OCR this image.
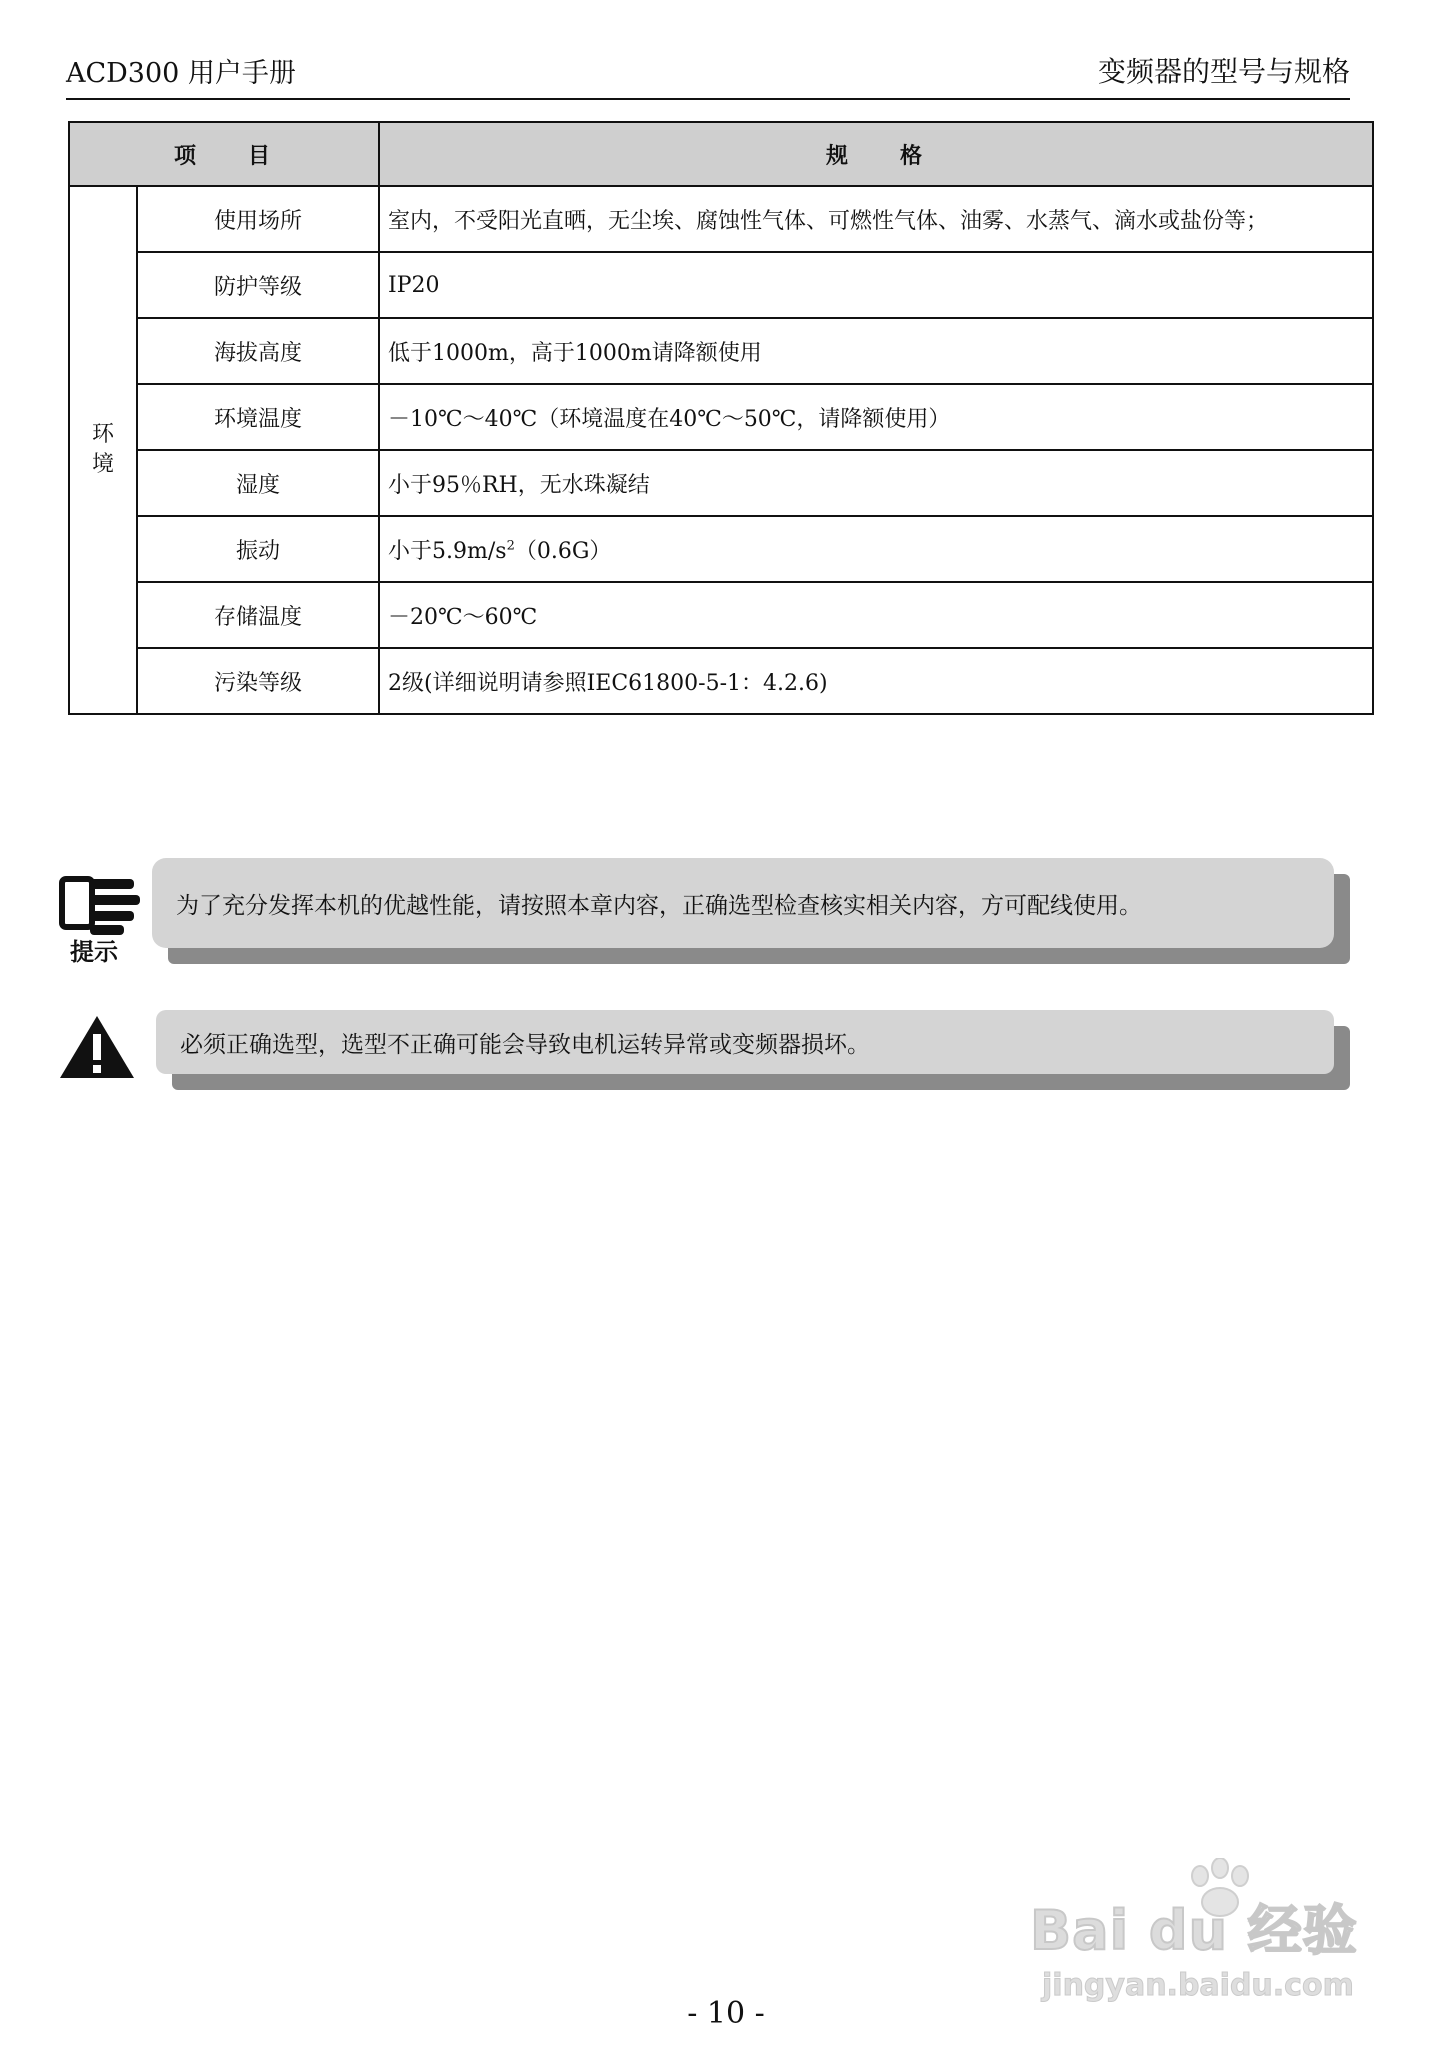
ACD300 用户手册	变频器的型号与规格
项 目		规 格
环
境	使用场所	室内，不受阳光直晒，无尘埃、腐蚀性气体、可燃性气体、油雾、水蒸气、滴水或盐份等；
	防护等级	IP20
	海拔高度	低于1000m，高于1000m请降额使用
	环境温度	－10℃～40℃（环境温度在40℃～50℃，请降额使用）
	湿度	小于95％RH，无水珠凝结
	振动	小于$5.9m/s^2(0.6G)$
	存储温度	－20℃～60℃
	污染等级	2级(详细说明请参照IEC61800-5-1：4.2.6)
提示
为了充分发挥本机的优越性能，请按照本章内容，正确选型检查核实相关内容，方可配线使用。
必须正确选型，选型不正确可能会导致电机运转异常或变频器损坏。
Bai du 经验
jingyan.baidu.com
- 10 -
